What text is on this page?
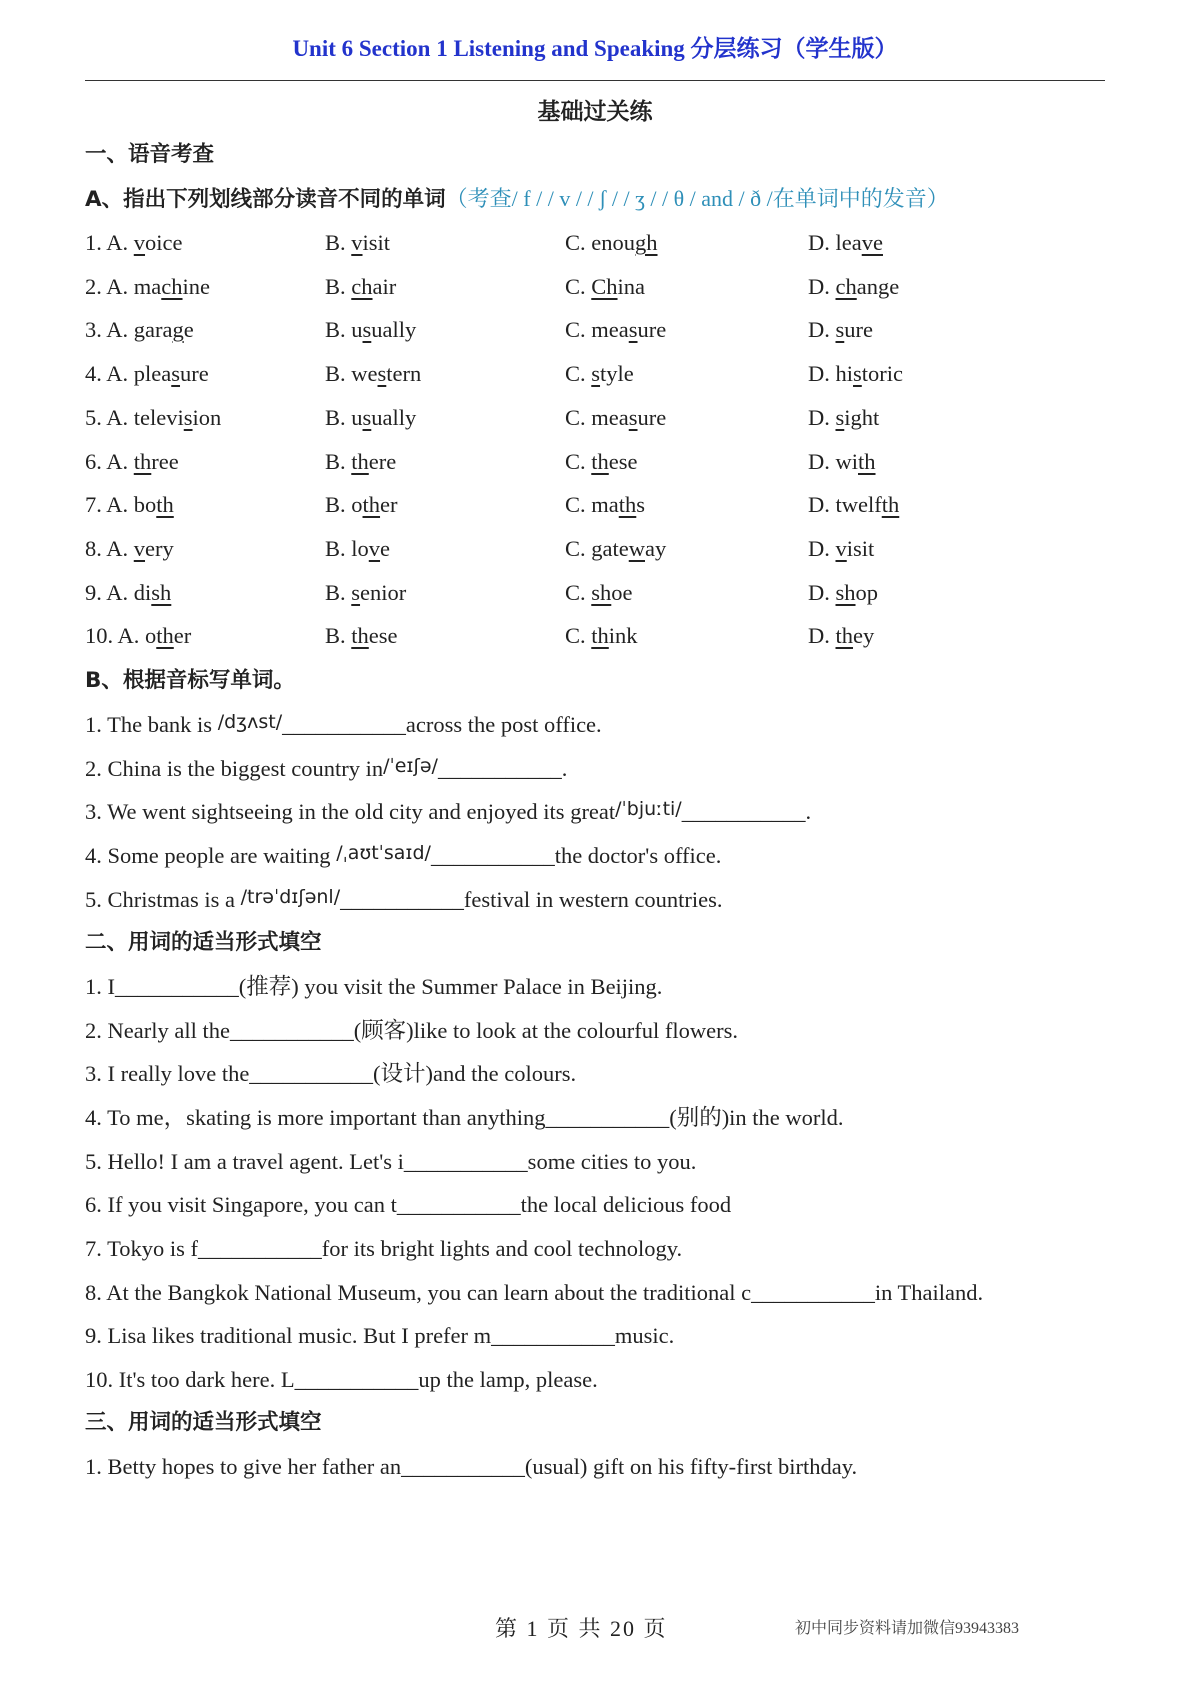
Unit 6 Section 1 Listening and Speaking 分层练习（学生版）
基础过关练
一、语音考查
A、指出下列划线部分读音不同的单词（考查/ f / / v / / ʃ / / ʒ / / θ / and / ð /在单词中的发音）
1. A. voice	B. visit	C. enough	D. leave
2. A. machine	B. chair	C. China	D. change
3. A. garage	B. usually	C. measure	D. sure
4. A. pleasure	B. western	C. style	D. historic
5. A. television	B. usually	C. measure	D. sight
6. A. three	B. there	C. these	D. with
7. A. both	B. other	C. maths	D. twelfth
8. A. very	B. love	C. gateway	D. visit
9. A. dish	B. senior	C. shoe	D. shop
10. A. other	B. these	C. think	D. they
B、根据音标写单词。
1. The bank is /dʒʌst/___________across the post office.
2. China is the biggest country in/ˈeɪʃə/___________.
3. We went sightseeing in the old city and enjoyed its great/ˈbjuːti/___________.
4. Some people are waiting /ˌaʊtˈsaɪd/___________the doctor's office.
5. Christmas is a /trəˈdɪʃənl/___________festival in western countries.
二、用词的适当形式填空
1. I___________(推荐) you visit the Summer Palace in Beijing.
2. Nearly all the___________(顾客)like to look at the colourful flowers.
3. I really love the___________(设计)and the colours.
4. To me，skating is more important than anything___________(别的)in the world.
5. Hello! I am a travel agent. Let's i___________some cities to you.
6. If you visit Singapore, you can t___________the local delicious food
7. Tokyo is f___________for its bright lights and cool technology.
8. At the Bangkok National Museum, you can learn about the traditional c___________in Thailand.
9. Lisa likes traditional music. But I prefer m___________music.
10. It's too dark here. L___________up the lamp, please.
三、用词的适当形式填空
1. Betty hopes to give her father an___________(usual) gift on his fifty-first birthday.
第 1 页 共 20 页	初中同步资料请加微信93943383
